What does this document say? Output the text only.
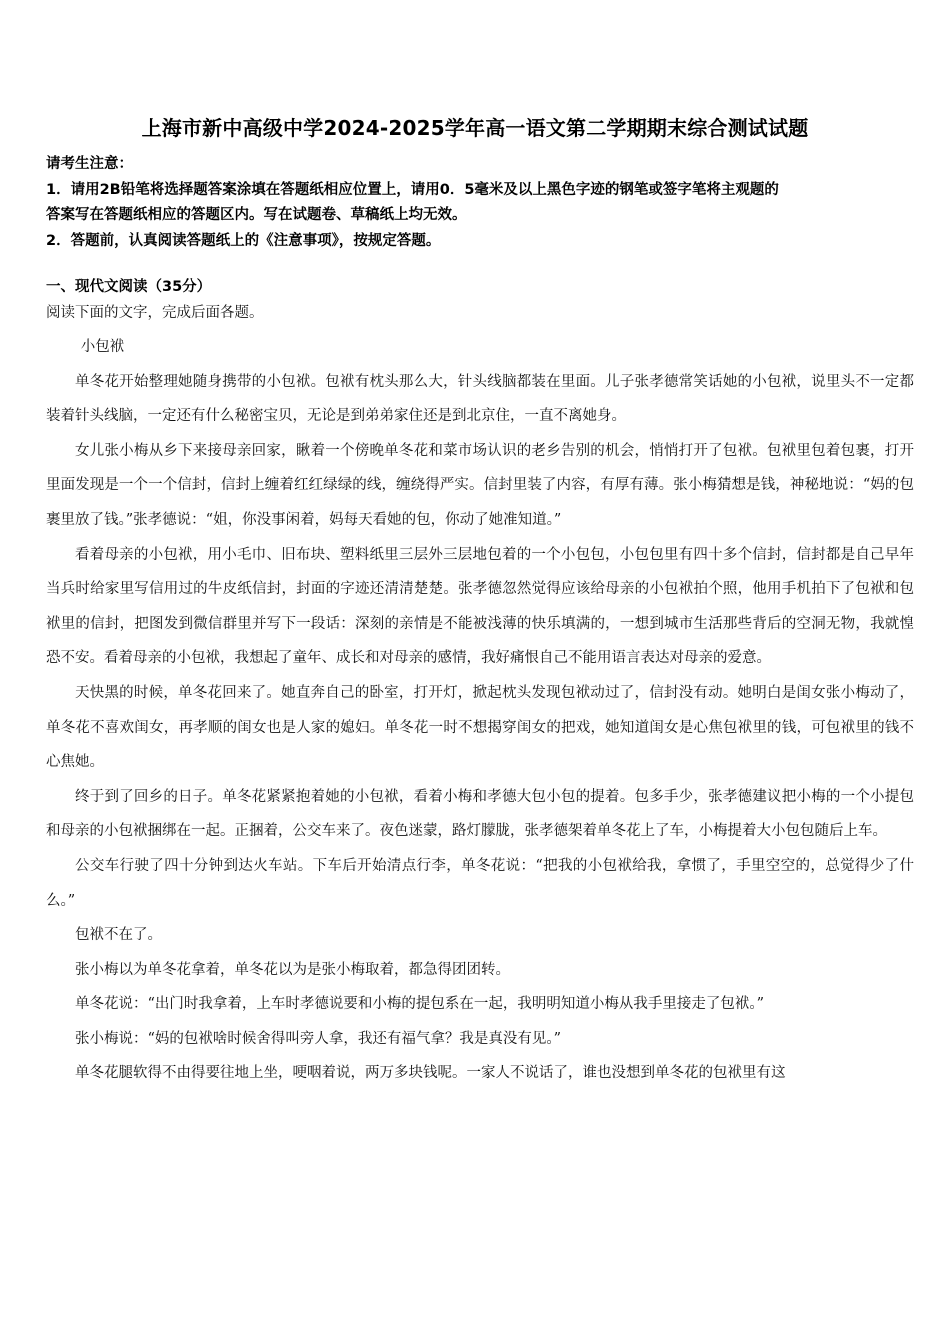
上海市新中高级中学2024-2025学年高一语文第二学期期末综合测试试题
请考生注意：
1．请用2B铅笔将选择题答案涂填在答题纸相应位置上，请用0．5毫米及以上黑色字迹的钢笔或签字笔将主观题的
答案写在答题纸相应的答题区内。写在试题卷、草稿纸上均无效。
2．答题前，认真阅读答题纸上的《注意事项》，按规定答题。
一、现代文阅读（35分）
阅读下面的文字，完成后面各题。

小包袱

单冬花开始整理她随身携带的小包袱。包袱有枕头那么大，针头线脑都装在里面。儿子张孝德常笑话她的小包袱，说里头不一定都装着针头线脑，一定还有什么秘密宝贝，无论是到弟弟家住还是到北京住，一直不离她身。

女儿张小梅从乡下来接母亲回家，瞅着一个傍晚单冬花和菜市场认识的老乡告别的机会，悄悄打开了包袱。包袱里包着包裹，打开里面发现是一个一个信封，信封上缠着红红绿绿的线，缠绕得严实。信封里装了内容，有厚有薄。张小梅猜想是钱，神秘地说：“妈的包裹里放了钱。”张孝德说：“姐，你没事闲着，妈每天看她的包，你动了她准知道。”

看着母亲的小包袱，用小毛巾、旧布块、塑料纸里三层外三层地包着的一个小包包，小包包里有四十多个信封，信封都是自己早年当兵时给家里写信用过的牛皮纸信封，封面的字迹还清清楚楚。张孝德忽然觉得应该给母亲的小包袱拍个照，他用手机拍下了包袱和包袱里的信封，把图发到微信群里并写下一段话：深刻的亲情是不能被浅薄的快乐填满的，一想到城市生活那些背后的空洞无物，我就惶恐不安。看着母亲的小包袱，我想起了童年、成长和对母亲的感情，我好痛恨自己不能用语言表达对母亲的爱意。

天快黑的时候，单冬花回来了。她直奔自己的卧室，打开灯，掀起枕头发现包袱动过了，信封没有动。她明白是闺女张小梅动了，单冬花不喜欢闺女，再孝顺的闺女也是人家的媳妇。单冬花一时不想揭穿闺女的把戏，她知道闺女是心焦包袱里的钱，可包袱里的钱不心焦她。

终于到了回乡的日子。单冬花紧紧抱着她的小包袱，看着小梅和孝德大包小包的提着。包多手少，张孝德建议把小梅的一个小提包和母亲的小包袱捆绑在一起。正捆着，公交车来了。夜色迷蒙，路灯朦胧，张孝德架着单冬花上了车，小梅提着大小包包随后上车。

公交车行驶了四十分钟到达火车站。下车后开始清点行李，单冬花说：“把我的小包袱给我，拿惯了，手里空空的，总觉得少了什么。”

包袱不在了。

张小梅以为单冬花拿着，单冬花以为是张小梅取着，都急得团团转。

单冬花说：“出门时我拿着，上车时孝德说要和小梅的提包系在一起，我明明知道小梅从我手里接走了包袱。”

张小梅说：“妈的包袱啥时候舍得叫旁人拿，我还有福气拿？我是真没有见。”

单冬花腿软得不由得要往地上坐，哽咽着说，两万多块钱呢。一家人不说话了，谁也没想到单冬花的包袱里有这
